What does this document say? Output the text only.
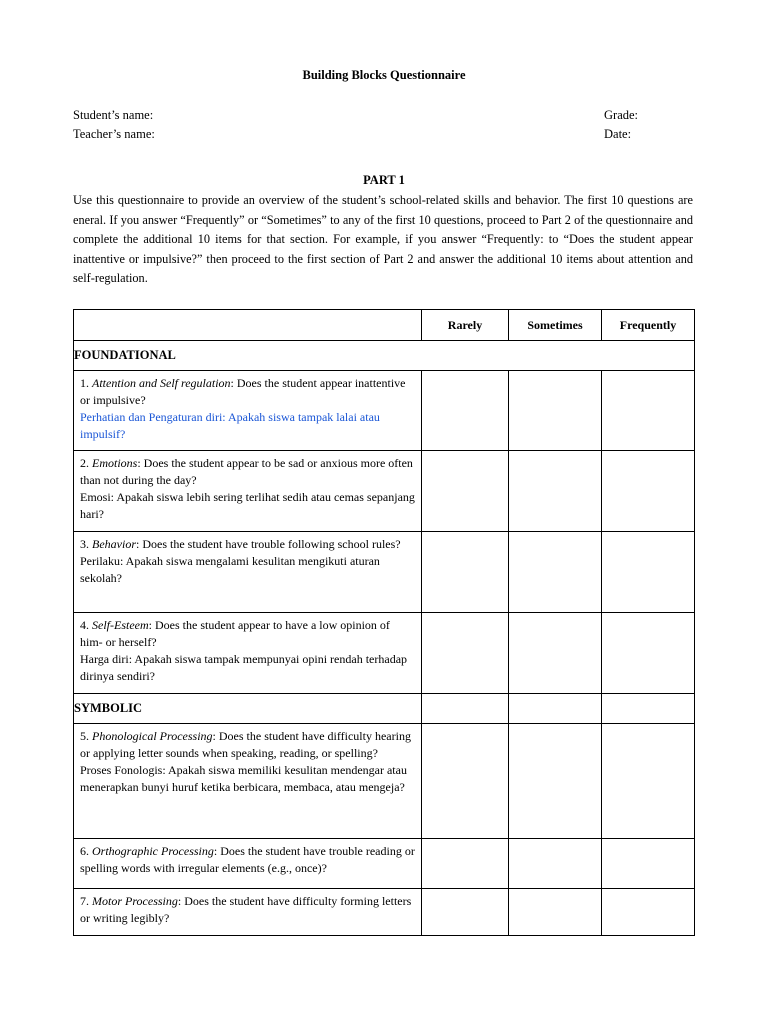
Building Blocks Questionnaire
Student’s name:
Teacher’s name:
Grade:
Date:
PART 1

Use this questionnaire to provide an overview of the student’s school-related skills and behavior. The first 10 questions are eneral. If you answer “Frequently” or “Sometimes” to any of the first 10 questions, proceed to Part 2 of the questionnaire and complete the additional 10 items for that section. For example, if you answer “Frequently: to “Does the student appear inattentive or impulsive?” then proceed to the first section of Part 2 and answer the additional 10 items about attention and self-regulation.

	Rarely	Sometimes	Frequently
FOUNDATIONAL			

1. Attention and Self regulation: Does the student appear inattentive or impulsive?
Perhatian dan Pengaturan diri: Apakah siswa tampak lalai atau impulsif?			

2. Emotions: Does the student appear to be sad or anxious more often than not during the day?
Emosi: Apakah siswa lebih sering terlihat sedih atau cemas sepanjang hari?			

3. Behavior: Does the student have trouble following school rules?
Perilaku: Apakah siswa mengalami kesulitan mengikuti aturan sekolah?			

4. Self-Esteem: Does the student appear to have a low opinion of him- or herself?
Harga diri: Apakah siswa tampak mempunyai opini rendah terhadap dirinya sendiri?			

SYMBOLIC			

5. Phonological Processing: Does the student have difficulty hearing or applying letter sounds when speaking, reading, or spelling?
Proses Fonologis: Apakah siswa memiliki kesulitan mendengar atau menerapkan bunyi huruf ketika berbicara, membaca, atau mengeja?			

6. Orthographic Processing: Does the student have trouble reading or spelling words with irregular elements (e.g., once)?			

7. Motor Processing: Does the student have difficulty forming letters or writing legibly?			
